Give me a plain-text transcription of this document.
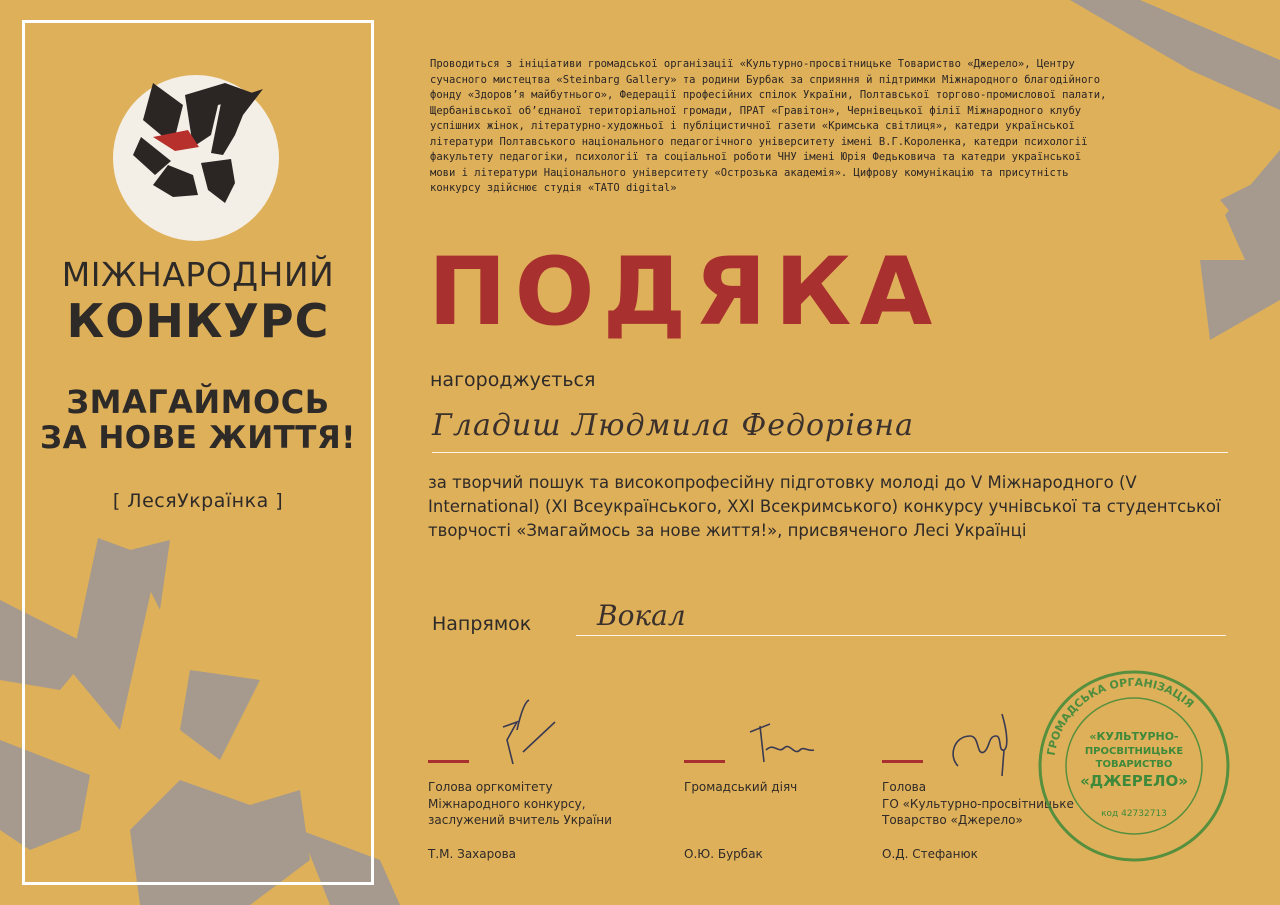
МІЖНАРОДНИЙ
КОНКУРС
ЗМАГАЙМОСЬ
ЗА НОВЕ ЖИТТЯ!
[ ЛесяУкраїнка ]
Проводиться з ініціативи громадської організації «Культурно-просвітницьке Товариство «Джерело», Центру
сучасного мистецтва «Steinbarg Gallery» та родини Бурбак за сприяння й підтримки Міжнародного благодійного
фонду «Здоров’я майбутнього», Федерації професійних спілок України, Полтавської торгово-промислової палати,
Щербанівської об’єднаної територіальної громади, ПРАТ «Гравітон», Чернівецької філії Міжнародного клубу
успішних жінок, літературно-художньої і публіцистичної газети «Кримська світлиця», катедри української
літератури Полтавського національного педагогічного університету імені В.Г.Короленка, катедри психології
факультету педагогіки, психології та соціальної роботи ЧНУ імені Юрія Федьковича та катедри української
мови і літератури Національного університету «Острозька академія». Цифрову комунікацію та присутність
конкурсу здійснює студія «TATO digital»
ПОДЯКА
нагороджується
Гладиш Людмила Федорівна
за творчий пошук та високопрофесійну підготовку молоді до V Міжнародного (V International) (XI Всеукраїнського, XXI Всекримського) конкурсу учнівської та студентської творчості «Змагаймось за нове життя!», присвяченого Лесі Українці
Напрямок Вокал
Голова оргкомітету
Міжнародного конкурсу,
заслужений вчитель України
Громадський діяч	Голова
ГО «Культурно-просвітницьке
Товарство «Джерело»
Т.М. Захарова	О.Ю. Бурбак	О.Д. Стефанюк
ГРОМАДСЬКА ОРГАНІЗАЦІЯ
«КУЛЬТУРНО-
ПРОСВІТНИЦЬКЕ
ТОВАРИСТВО
«ДЖЕРЕЛО»
код 42732713
